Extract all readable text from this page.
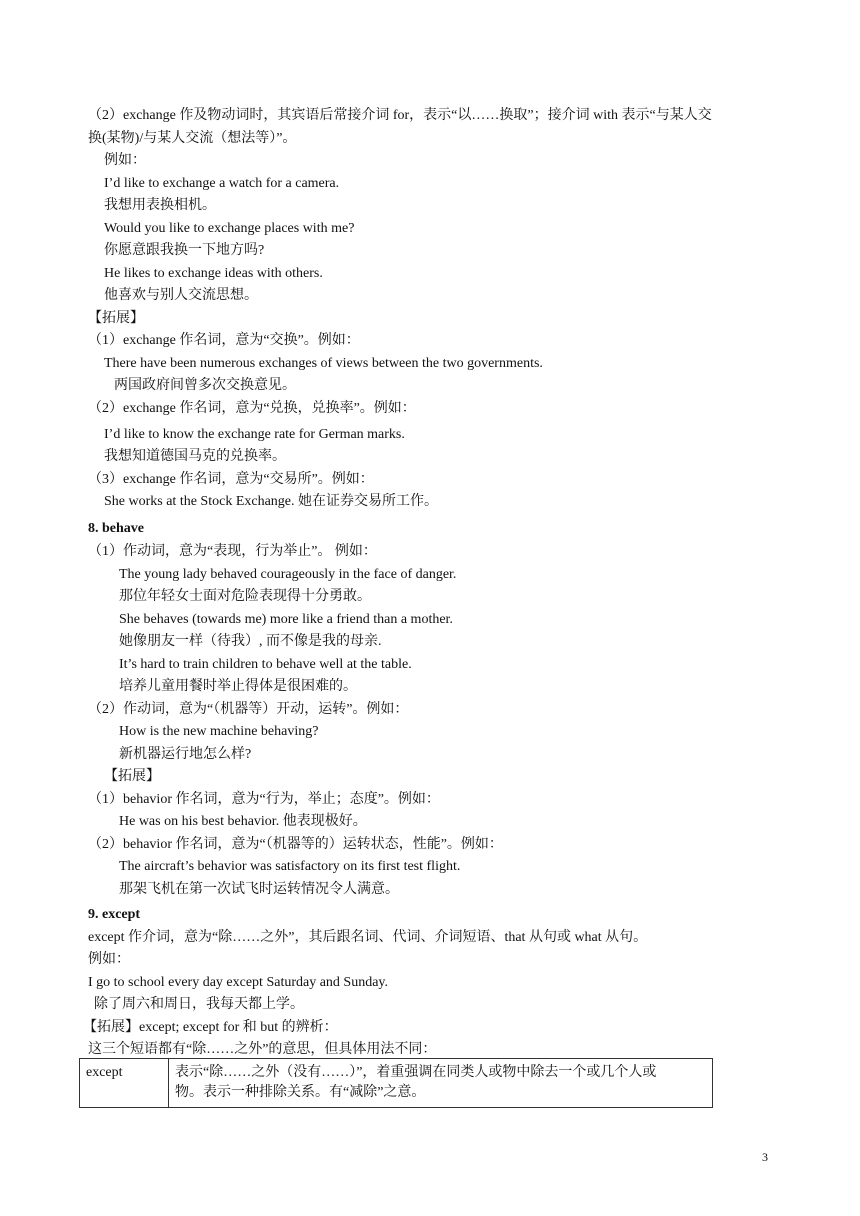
（2）exchange 作及物动词时，其宾语后常接介词 for，表示“以……换取”；接介词 with 表示“与某人交
换(某物)/与某人交流（想法等）”。
例如：
I’d like to exchange a watch for a camera.
我想用表换相机。
Would you like to exchange places with me?
你愿意跟我换一下地方吗?
He likes to exchange ideas with others.
他喜欢与别人交流思想。
【拓展】
（1）exchange 作名词，意为“交换”。例如：
There have been numerous exchanges of views between the two governments.
两国政府间曾多次交换意见。
（2）exchange 作名词，意为“兑换，兑换率”。例如：
I’d like to know the exchange rate for German marks.
我想知道德国马克的兑换率。
（3）exchange 作名词，意为“交易所”。例如：
She works at the Stock Exchange. 她在证券交易所工作。
8. behave
（1）作动词，意为“表现，行为举止”。 例如：
The young lady behaved courageously in the face of danger.
那位年轻女士面对危险表现得十分勇敢。
She behaves (towards me) more like a friend than a mother.
她像朋友一样（待我）, 而不像是我的母亲.
It’s hard to train children to behave well at the table.
培养儿童用餐时举止得体是很困难的。
（2）作动词，意为“（机器等）开动，运转”。例如：
How is the new machine behaving?
新机器运行地怎么样?
【拓展】
（1）behavior 作名词，意为“行为，举止；态度”。例如：
He was on his best behavior. 他表现极好。
（2）behavior 作名词，意为“（机器等的）运转状态，性能”。例如：
The aircraft’s behavior was satisfactory on its first test flight.
那架飞机在第一次试飞时运转情况令人满意。
9. except
except 作介词，意为“除……之外”，其后跟名词、代词、介词短语、that 从句或 what 从句。
例如：
I go to school every day except Saturday and Sunday.
除了周六和周日，我每天都上学。
【拓展】except; except for 和 but 的辨析：
这三个短语都有“除……之外”的意思，但具体用法不同：
except	表示“除……之外（没有……）”，着重强调在同类人或物中除去一个或几个人或
物。表示一种排除关系。有“减除”之意。
3
